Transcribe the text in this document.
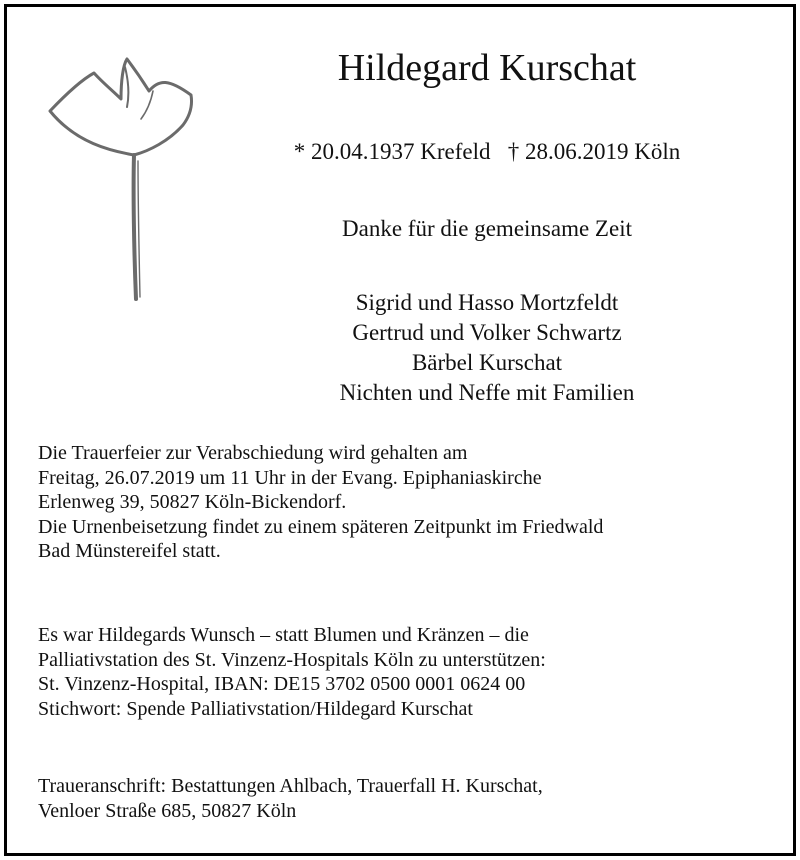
Hildegard Kurschat
* 20.04.1937 Krefeld † 28.06.2019 Köln
Danke für die gemeinsame Zeit
Sigrid und Hasso Mortzfeldt
Gertrud und Volker Schwartz
Bärbel Kurschat
Nichten und Neffe mit Familien
Die Trauerfeier zur Verabschiedung wird gehalten am
Freitag, 26.07.2019 um 11 Uhr in der Evang. Epiphaniaskirche
Erlenweg 39, 50827 Köln-Bickendorf.
Die Urnenbeisetzung findet zu einem späteren Zeitpunkt im Friedwald
Bad Münstereifel statt.
Es war Hildegards Wunsch – statt Blumen und Kränzen – die
Palliativstation des St. Vinzenz-Hospitals Köln zu unterstützen:
St. Vinzenz-Hospital, IBAN: DE15 3702 0500 0001 0624 00
Stichwort: Spende Palliativstation/Hildegard Kurschat
Traueranschrift: Bestattungen Ahlbach, Trauerfall H. Kurschat,
Venloer Straße 685, 50827 Köln
